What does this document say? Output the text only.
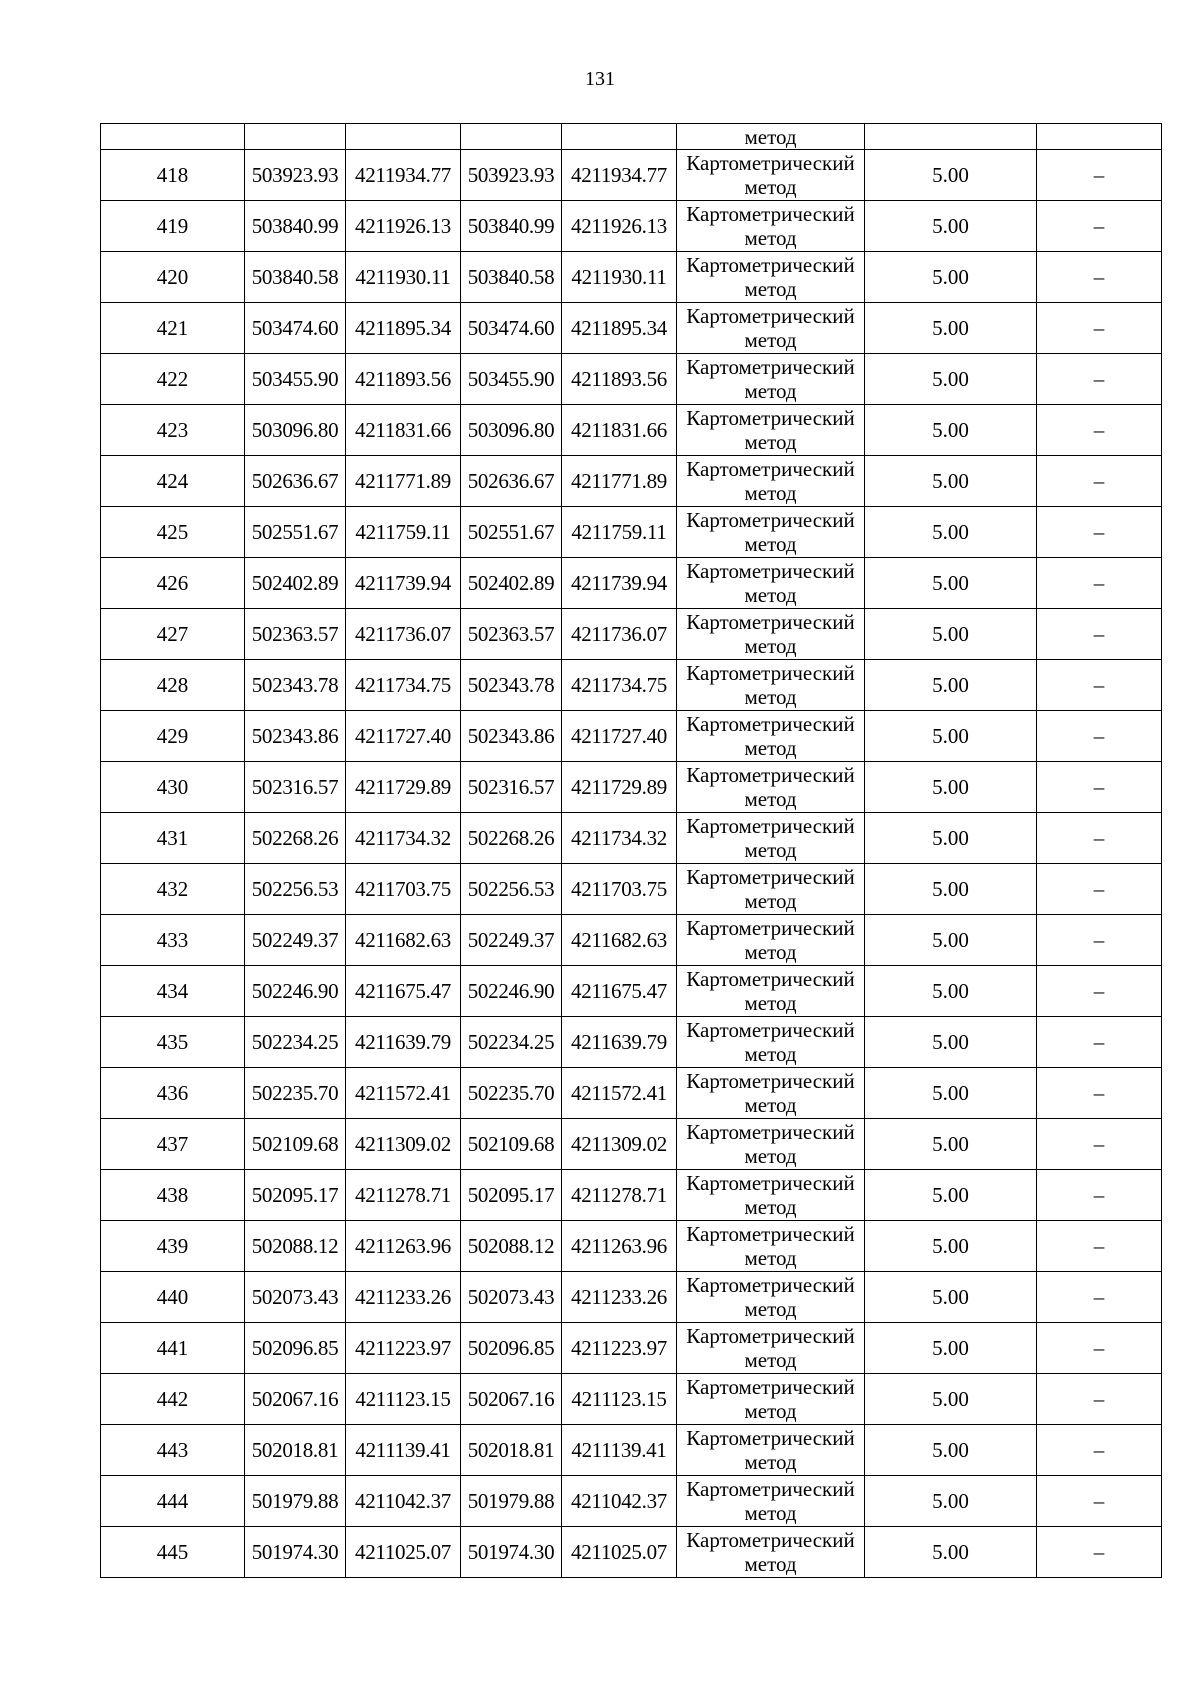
131

					метод		

418	503923.93	4211934.77	503923.93	4211934.77	Картометрический
метод	5.00	–
419	503840.99	4211926.13	503840.99	4211926.13	Картометрический
метод	5.00	–
420	503840.58	4211930.11	503840.58	4211930.11	Картометрический
метод	5.00	–
421	503474.60	4211895.34	503474.60	4211895.34	Картометрический
метод	5.00	–
422	503455.90	4211893.56	503455.90	4211893.56	Картометрический
метод	5.00	–
423	503096.80	4211831.66	503096.80	4211831.66	Картометрический
метод	5.00	–
424	502636.67	4211771.89	502636.67	4211771.89	Картометрический
метод	5.00	–
425	502551.67	4211759.11	502551.67	4211759.11	Картометрический
метод	5.00	–
426	502402.89	4211739.94	502402.89	4211739.94	Картометрический
метод	5.00	–
427	502363.57	4211736.07	502363.57	4211736.07	Картометрический
метод	5.00	–
428	502343.78	4211734.75	502343.78	4211734.75	Картометрический
метод	5.00	–
429	502343.86	4211727.40	502343.86	4211727.40	Картометрический
метод	5.00	–
430	502316.57	4211729.89	502316.57	4211729.89	Картометрический
метод	5.00	–
431	502268.26	4211734.32	502268.26	4211734.32	Картометрический
метод	5.00	–
432	502256.53	4211703.75	502256.53	4211703.75	Картометрический
метод	5.00	–
433	502249.37	4211682.63	502249.37	4211682.63	Картометрический
метод	5.00	–
434	502246.90	4211675.47	502246.90	4211675.47	Картометрический
метод	5.00	–
435	502234.25	4211639.79	502234.25	4211639.79	Картометрический
метод	5.00	–
436	502235.70	4211572.41	502235.70	4211572.41	Картометрический
метод	5.00	–
437	502109.68	4211309.02	502109.68	4211309.02	Картометрический
метод	5.00	–
438	502095.17	4211278.71	502095.17	4211278.71	Картометрический
метод	5.00	–
439	502088.12	4211263.96	502088.12	4211263.96	Картометрический
метод	5.00	–
440	502073.43	4211233.26	502073.43	4211233.26	Картометрический
метод	5.00	–
441	502096.85	4211223.97	502096.85	4211223.97	Картометрический
метод	5.00	–
442	502067.16	4211123.15	502067.16	4211123.15	Картометрический
метод	5.00	–
443	502018.81	4211139.41	502018.81	4211139.41	Картометрический
метод	5.00	–
444	501979.88	4211042.37	501979.88	4211042.37	Картометрический
метод	5.00	–
445	501974.30	4211025.07	501974.30	4211025.07	Картометрический
метод	5.00	–
